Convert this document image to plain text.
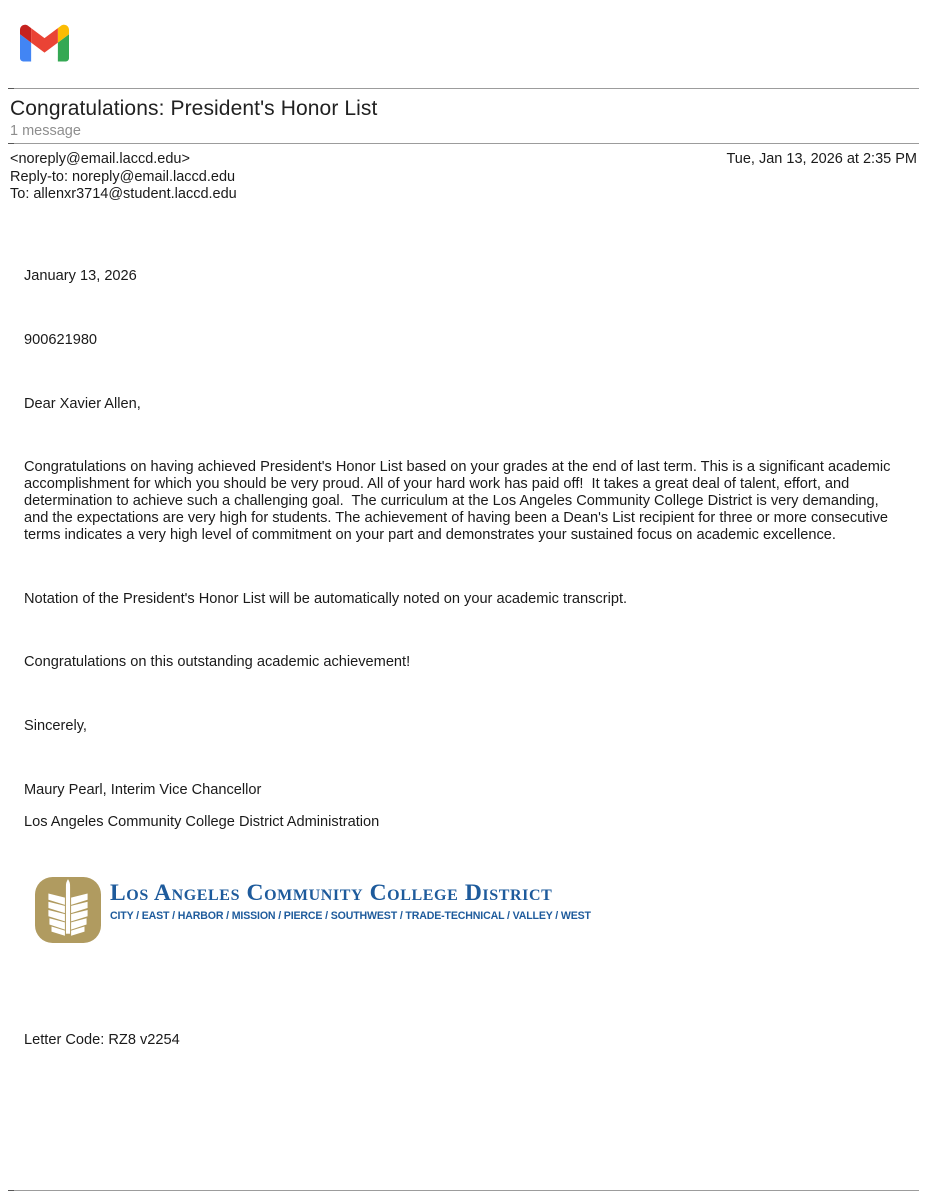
Congratulations: President's Honor List
1 message
<noreply@email.laccd.edu>
Reply-to: noreply@email.laccd.edu
To: allenxr3714@student.laccd.edu
Tue, Jan 13, 2026 at 2:35 PM
January 13, 2026
900621980
Dear Xavier Allen,
Congratulations on having achieved President's Honor List based on your grades at the end of last term. This is a significant academic accomplishment for which you should be very proud. All of your hard work has paid off!  It takes a great deal of talent, effort, and determination to achieve such a challenging goal.  The curriculum at the Los Angeles Community College District is very demanding, and the expectations are very high for students. The achievement of having been a Dean's List recipient for three or more consecutive terms indicates a very high level of commitment on your part and demonstrates your sustained focus on academic excellence.
Notation of the President's Honor List will be automatically noted on your academic transcript.
Congratulations on this outstanding academic achievement!
Sincerely,
Maury Pearl, Interim Vice Chancellor
Los Angeles Community College District Administration
Los Angeles Community College District
CITY / EAST / HARBOR / MISSION / PIERCE / SOUTHWEST / TRADE-TECHNICAL / VALLEY / WEST
Letter Code: RZ8 v2254
